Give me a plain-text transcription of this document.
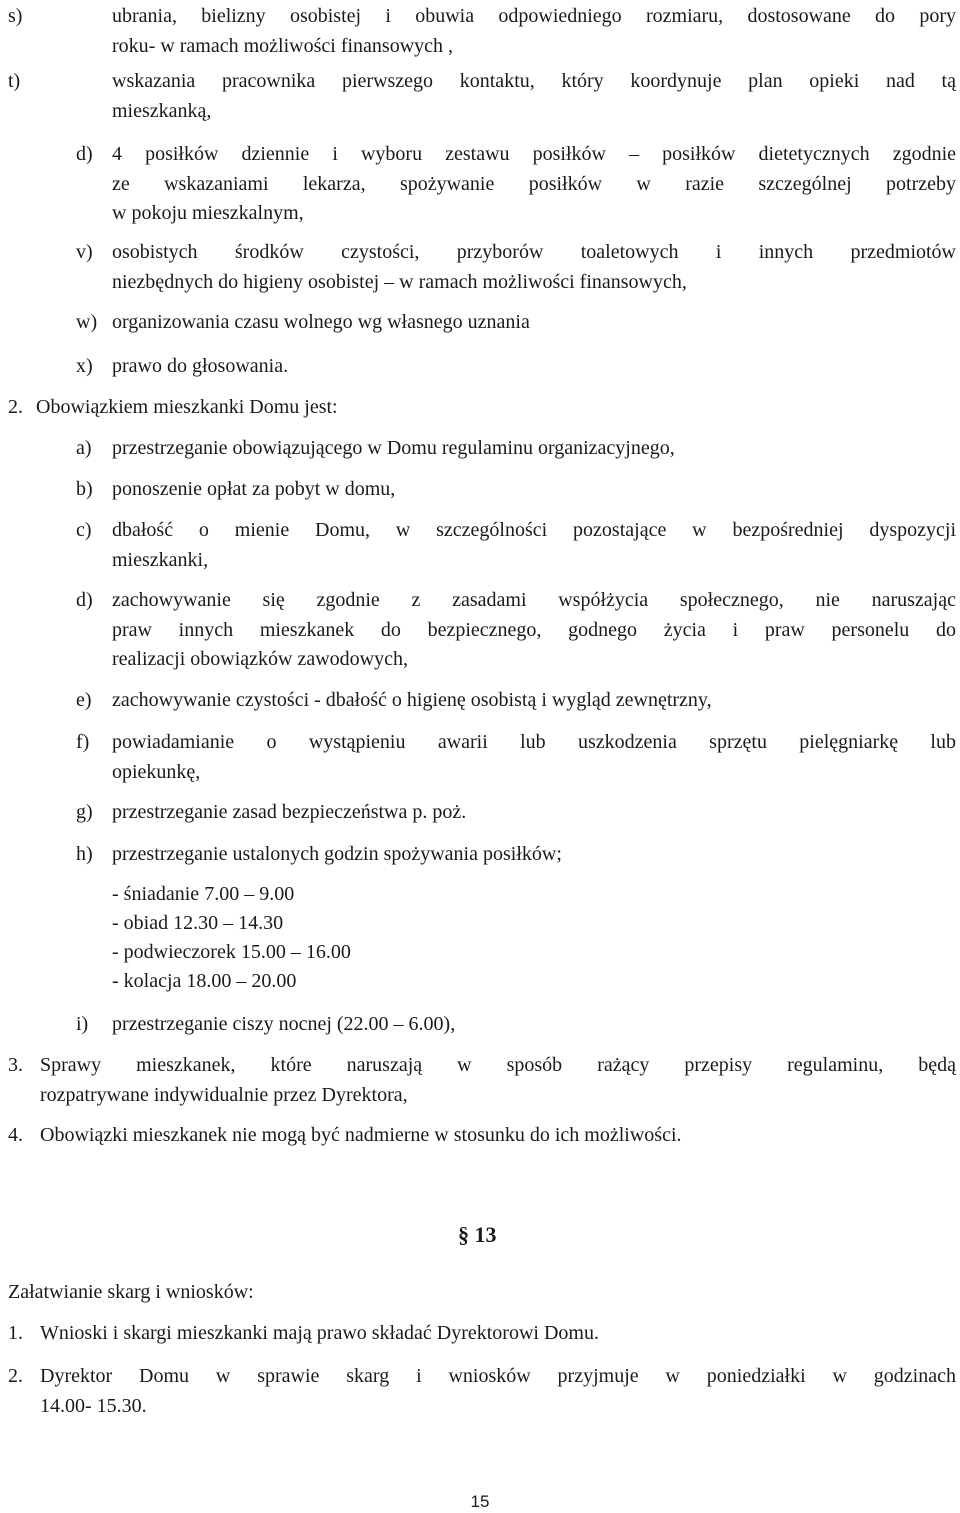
s)	ubrania, bielizny osobistej i obuwia odpowiedniego rozmiaru, dostosowane do pory
roku- w ramach możliwości finansowych ,
t)	wskazania pracownika pierwszego kontaktu, który koordynuje plan opieki nad tą
mieszkanką,
d) 4 posiłków dziennie i wyboru zestawu posiłków – posiłków dietetycznych zgodnie
ze wskazaniami lekarza, spożywanie posiłków w razie szczególnej potrzeby
w pokoju mieszkalnym,
v) osobistych środków czystości, przyborów toaletowych i innych przedmiotów
niezbędnych do higieny osobistej – w ramach możliwości finansowych,
w) organizowania czasu wolnego wg własnego uznania
x) prawo do głosowania.
2. Obowiązkiem mieszkanki Domu jest:
a) przestrzeganie obowiązującego w Domu regulaminu organizacyjnego,
b) ponoszenie opłat za pobyt w domu,
c) dbałość o mienie Domu, w szczególności pozostające w bezpośredniej dyspozycji
mieszkanki,
d) zachowywanie się zgodnie z zasadami współżycia społecznego, nie naruszając
praw innych mieszkanek do bezpiecznego, godnego życia i praw personelu do
realizacji obowiązków zawodowych,
e) zachowywanie czystości - dbałość o higienę osobistą i wygląd zewnętrzny,
f) powiadamianie o wystąpieniu awarii lub uszkodzenia sprzętu pielęgniarkę lub
opiekunkę,
g) przestrzeganie zasad bezpieczeństwa p. poż.
h) przestrzeganie ustalonych godzin spożywania posiłków;
- śniadanie 7.00 – 9.00
- obiad 12.30 – 14.30
- podwieczorek 15.00 – 16.00
- kolacja 18.00 – 20.00
i) przestrzeganie ciszy nocnej (22.00 – 6.00),
3. Sprawy mieszkanek, które naruszają w sposób rażący przepisy regulaminu, będą
rozpatrywane indywidualnie przez Dyrektora,
4. Obowiązki mieszkanek nie mogą być nadmierne w stosunku do ich możliwości.
§ 13
Załatwianie skarg i wniosków:
1. Wnioski i skargi mieszkanki mają prawo składać Dyrektorowi Domu.
2. Dyrektor Domu w sprawie skarg i wniosków przyjmuje w poniedziałki w godzinach
14.00- 15.30.
15
